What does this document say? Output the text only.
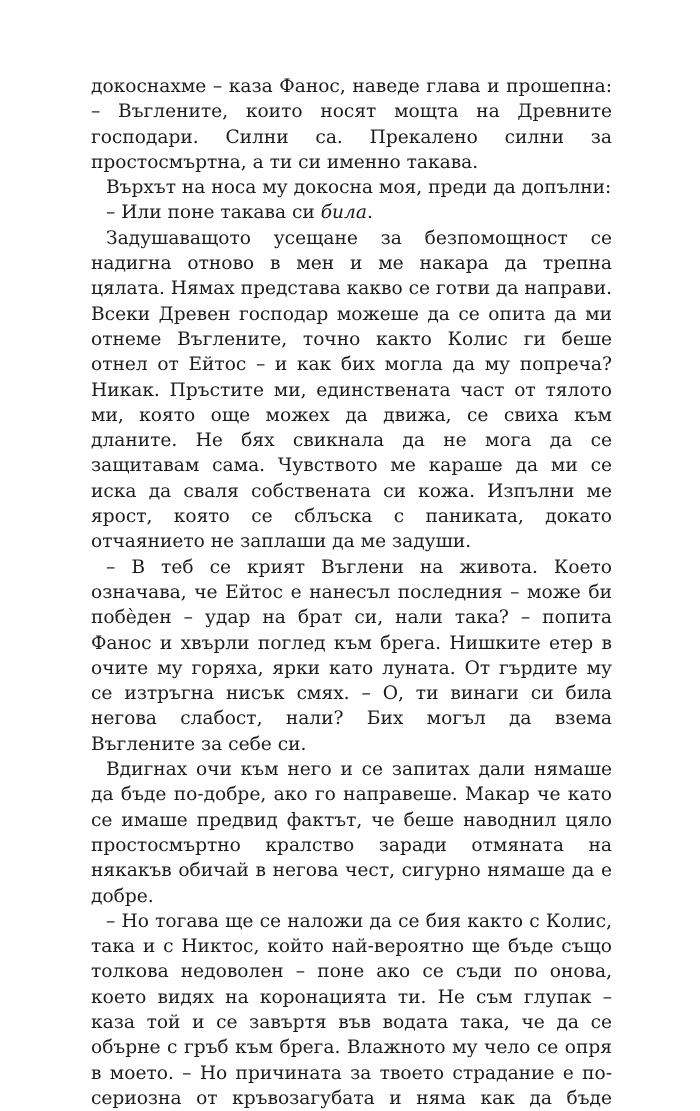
докоснахме – каза Фанос, наведе глава и прошепна: – Въглените, които носят мощта на Древните господари. Силни са. Прекалено силни за простосмъртна, а ти си именно такава.

Върхът на носа му докосна моя, преди да допълни:

– Или поне такава си била.

Задушаващото усещане за безпомощност се надигна отново в мен и ме накара да трепна цялата. Нямах представа какво се готви да направи. Всеки Древен господар можеше да се опита да ми отнеме Въглените, точно както Колис ги беше отнел от Ейтос – и как бих могла да му попреча? Никак. Пръстите ми, единствената част от тялото ми, която още можех да движа, се свиха към дланите. Не бях свикнала да не мога да се защитавам сама. Чувството ме караше да ми се иска да сваля собствената си кожа. Изпълни ме ярост, която се сблъска с паниката, докато отчаянието не заплаши да ме задуши.

– В теб се крият Въглени на живота. Което означава, че Ейтос е нанесъл последния – може би побѐден – удар на брат си, нали така? – попита Фанос и хвърли поглед към брега. Нишките етер в очите му горяха, ярки като луната. От гърдите му се изтръгна нисък смях. – О, ти винаги си била негова слабост, нали? Бих могъл да взема Въглените за себе си.

Вдигнах очи към него и се запитах дали нямаше да бъде по-добре, ако го направеше. Макар че като се имаше предвид фактът, че беше наводнил цяло простосмъртно кралство заради отмяната на някакъв обичай в негова чест, сигурно нямаше да е добре.

– Но тогава ще се наложи да се бия както с Колис, така и с Никтос, който най-вероятно ще бъде също толкова недоволен – поне ако се съди по онова, което видях на коронацията ти. Не съм глупак – каза той и се завъртя във водата така, че да се обърне с гръб към брега. Влажното му чело се опря в моето. – Но причината за твоето страдание е по-сериозна от кръвозагубата и няма как да бъде
